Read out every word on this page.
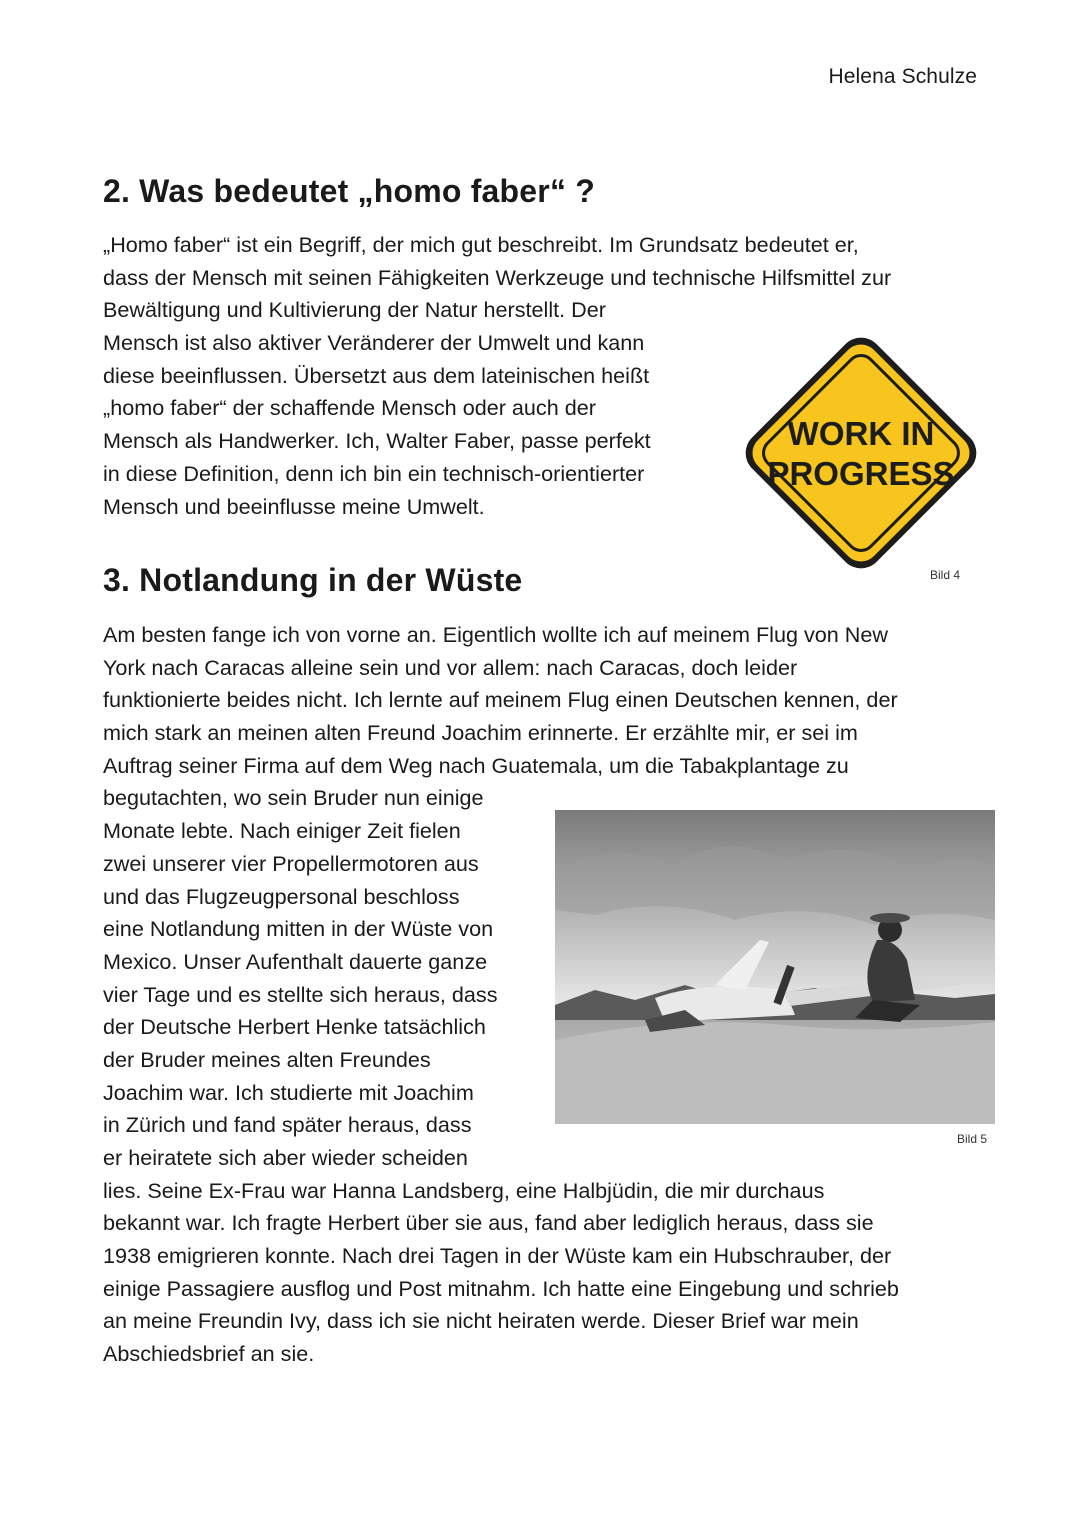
Helena Schulze
2. Was bedeutet „homo faber“ ?
„Homo faber“ ist ein Begriff, der mich gut beschreibt. Im Grundsatz bedeutet er,
dass der Mensch mit seinen Fähigkeiten Werkzeuge und technische Hilfsmittel zur
Bewältigung und Kultivierung der Natur herstellt. Der
Mensch ist also aktiver Veränderer der Umwelt und kann
diese beeinflussen. Übersetzt aus dem lateinischen heißt
„homo faber“ der schaffende Mensch oder auch der
Mensch als Handwerker. Ich, Walter Faber, passe perfekt
in diese Definition, denn ich bin ein technisch-orientierter
Mensch und beeinflusse meine Umwelt.
WORK IN
PROGRESS
Bild 4
3. Notlandung in der Wüste
Am besten fange ich von vorne an. Eigentlich wollte ich auf meinem Flug von New
York nach Caracas alleine sein und vor allem: nach Caracas, doch leider
funktionierte beides nicht. Ich lernte auf meinem Flug einen Deutschen kennen, der
mich stark an meinen alten Freund Joachim erinnerte. Er erzählte mir, er sei im
Auftrag seiner Firma auf dem Weg nach Guatemala, um die Tabakplantage zu
begutachten, wo sein Bruder nun einige
Monate lebte. Nach einiger Zeit fielen
zwei unserer vier Propellermotoren aus
und das Flugzeugpersonal beschloss
eine Notlandung mitten in der Wüste von
Mexico. Unser Aufenthalt dauerte ganze
vier Tage und es stellte sich heraus, dass
der Deutsche Herbert Henke tatsächlich
der Bruder meines alten Freundes
Joachim war. Ich studierte mit Joachim
in Zürich und fand später heraus, dass
er heiratete sich aber wieder scheiden
lies. Seine Ex-Frau war Hanna Landsberg, eine Halbjüdin, die mir durchaus
bekannt war. Ich fragte Herbert über sie aus, fand aber lediglich heraus, dass sie
1938 emigrieren konnte. Nach drei Tagen in der Wüste kam ein Hubschrauber, der
einige Passagiere ausflog und Post mitnahm. Ich hatte eine Eingebung und schrieb
an meine Freundin Ivy, dass ich sie nicht heiraten werde. Dieser Brief war mein
Abschiedsbrief an sie.
Bild 5
